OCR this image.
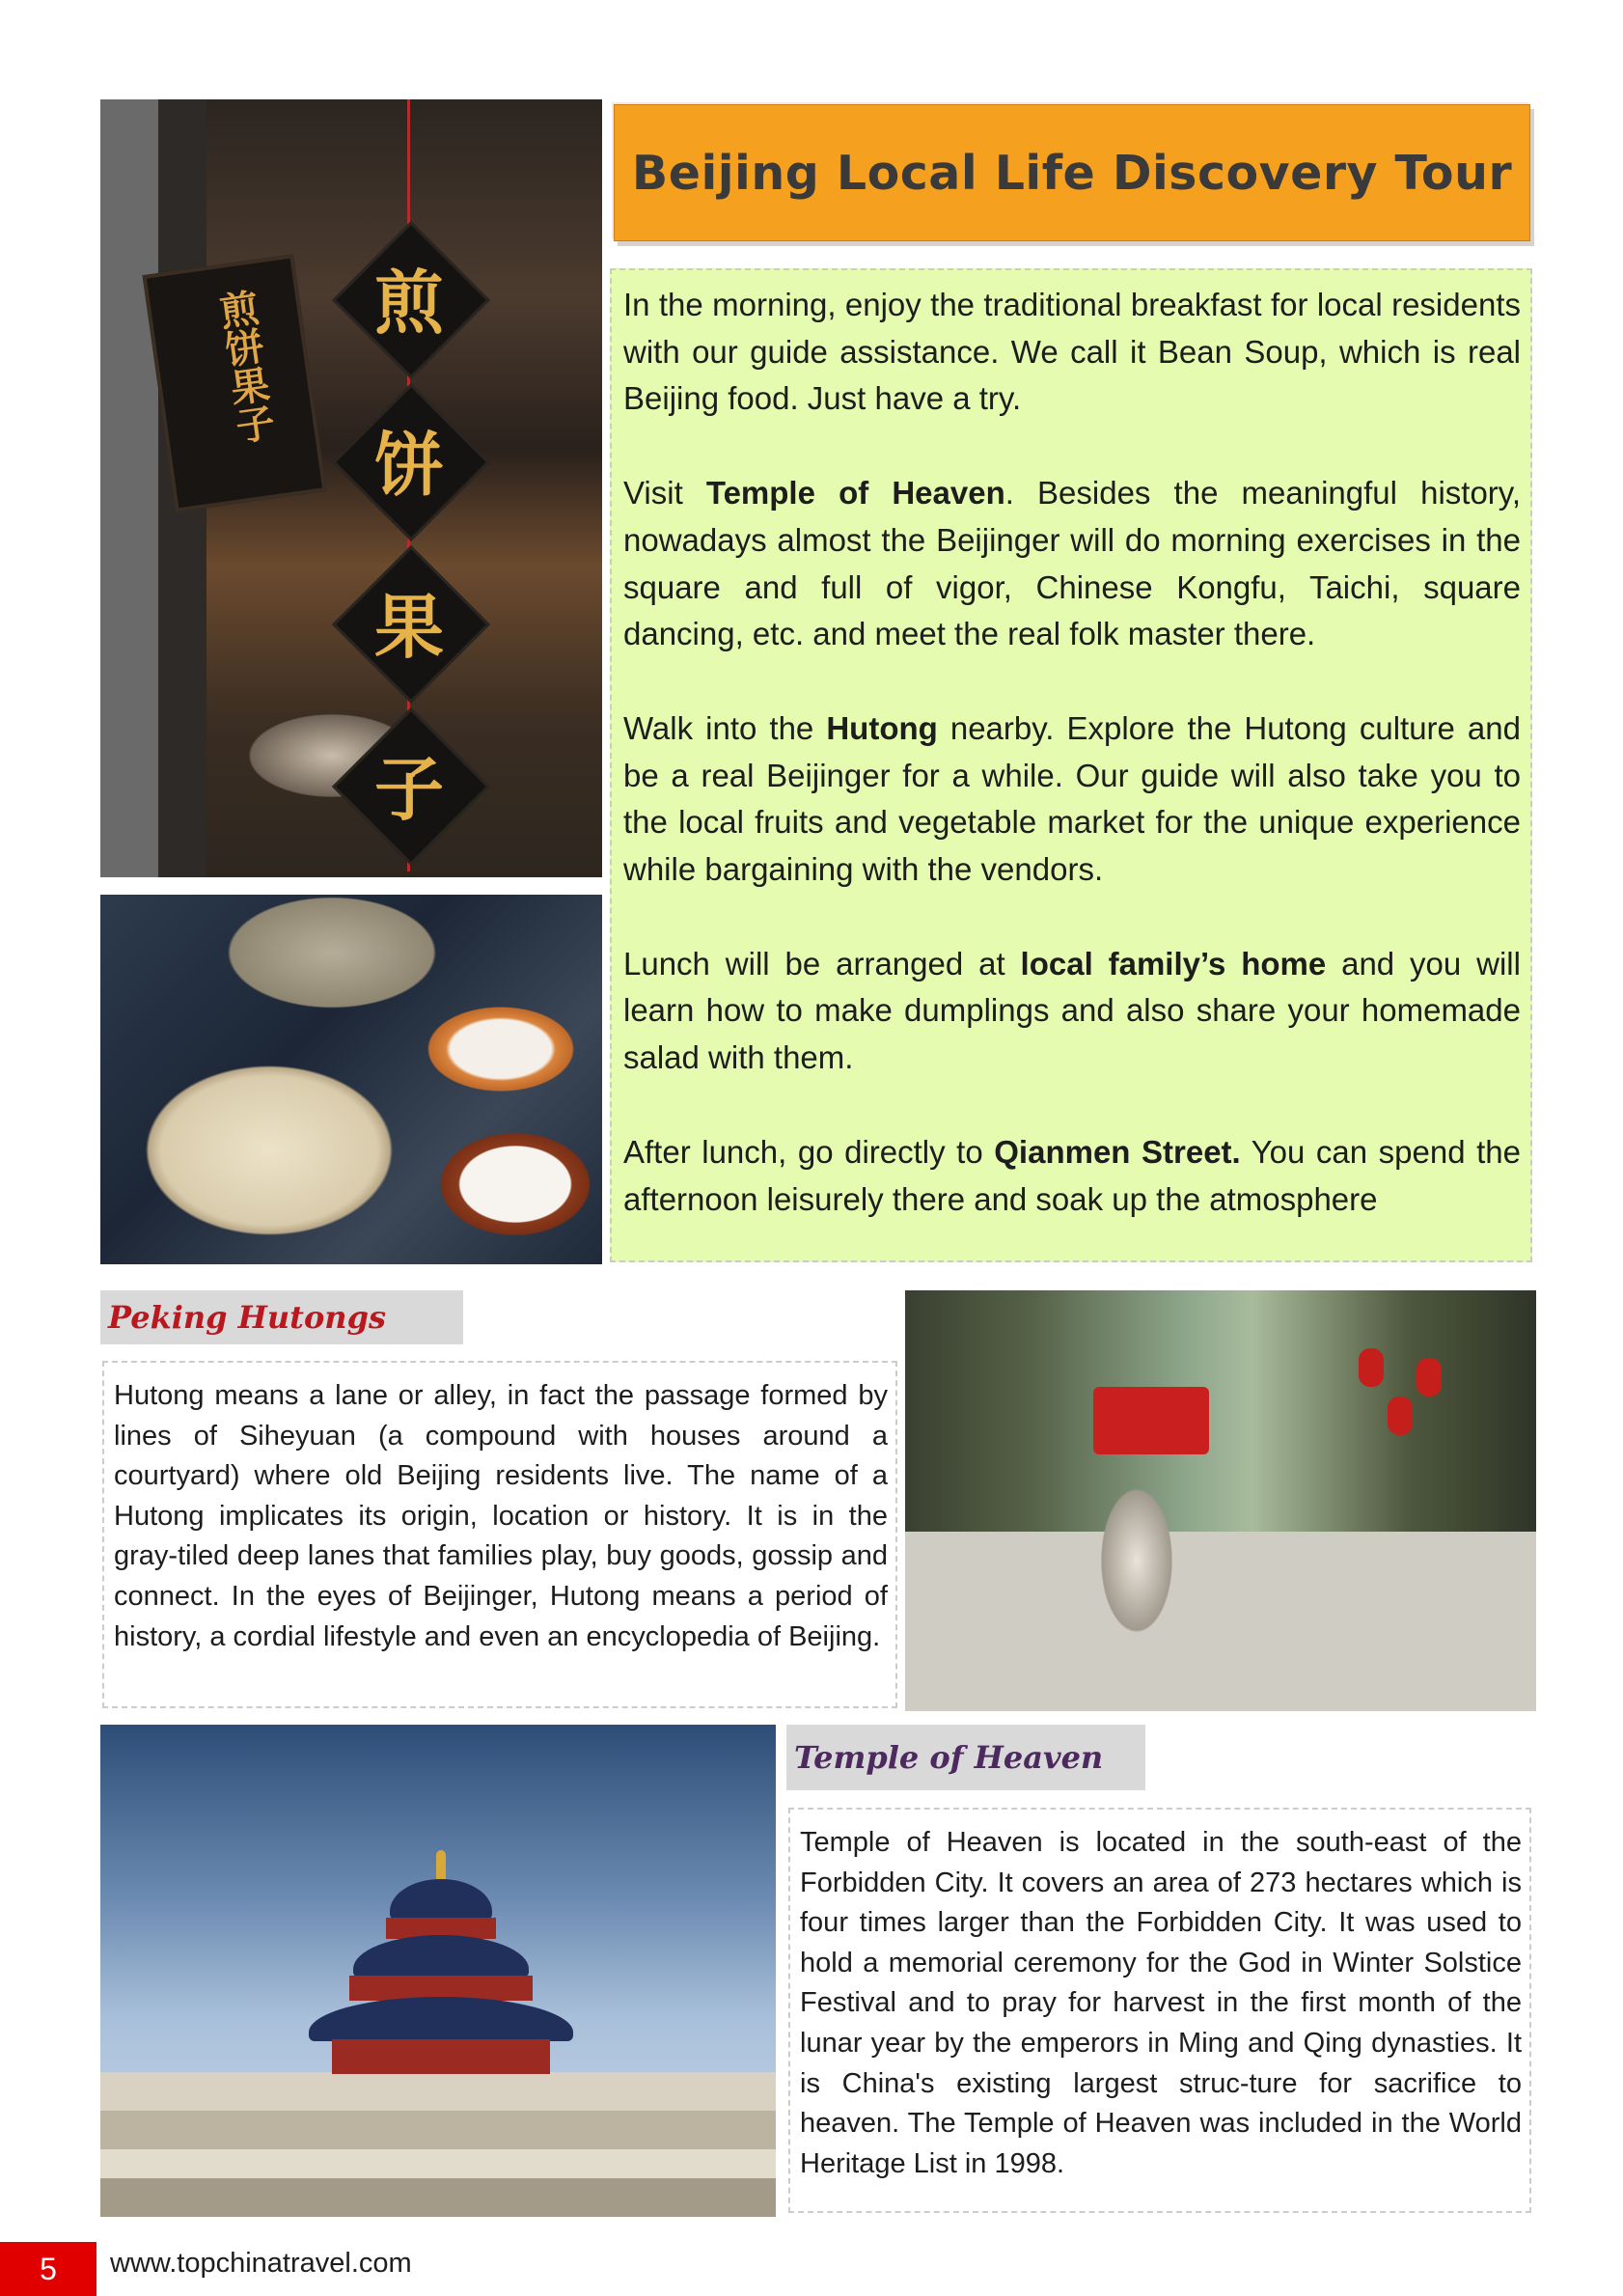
煎
饼
果
子
煎饼果子
Beijing Local Life Discovery Tour

In the morning, enjoy the traditional breakfast for local residents with our guide assistance. We call it Bean Soup, which is real Beijing food. Just have a try.

Visit Temple of Heaven. Besides the meaningful history, nowadays almost the Beijinger will do morning exercises in the square and full of vigor, Chinese Kongfu, Taichi, square dancing, etc. and meet the real folk master there.

Walk into the Hutong nearby. Explore the Hutong culture and be a real Beijinger for a while. Our guide will also take you to the local fruits and vegetable market for the unique experience while bargaining with the vendors.

Lunch will be arranged at local family’s home and you will learn how to make dumplings and also share your homemade salad with them.

After lunch, go directly to Qianmen Street. You can spend the afternoon leisurely there and soak up the atmosphere

Peking Hutongs

Hutong means a lane or alley, in fact the passage formed by lines of Siheyuan (a compound with houses around a courtyard) where old Beijing residents live. The name of a Hutong implicates its origin, location or history. It is in the gray-tiled deep lanes that families play, buy goods, gossip and connect. In the eyes of Beijinger, Hutong means a period of history, a cordial lifestyle and even an encyclopedia of Beijing.

Temple of Heaven

Temple of Heaven is located in the south-east of the Forbidden City. It covers an area of 273 hectares which is four times larger than the Forbidden City. It was used to hold a memorial ceremony for the God in Winter Solstice Festival and to pray for harvest in the first month of the lunar year by the emperors in Ming and Qing dynasties. It is China's existing largest struc-ture for sacrifice to heaven. The Temple of Heaven was included in the World Heritage List in 1998.

5	www.topchinatravel.com
